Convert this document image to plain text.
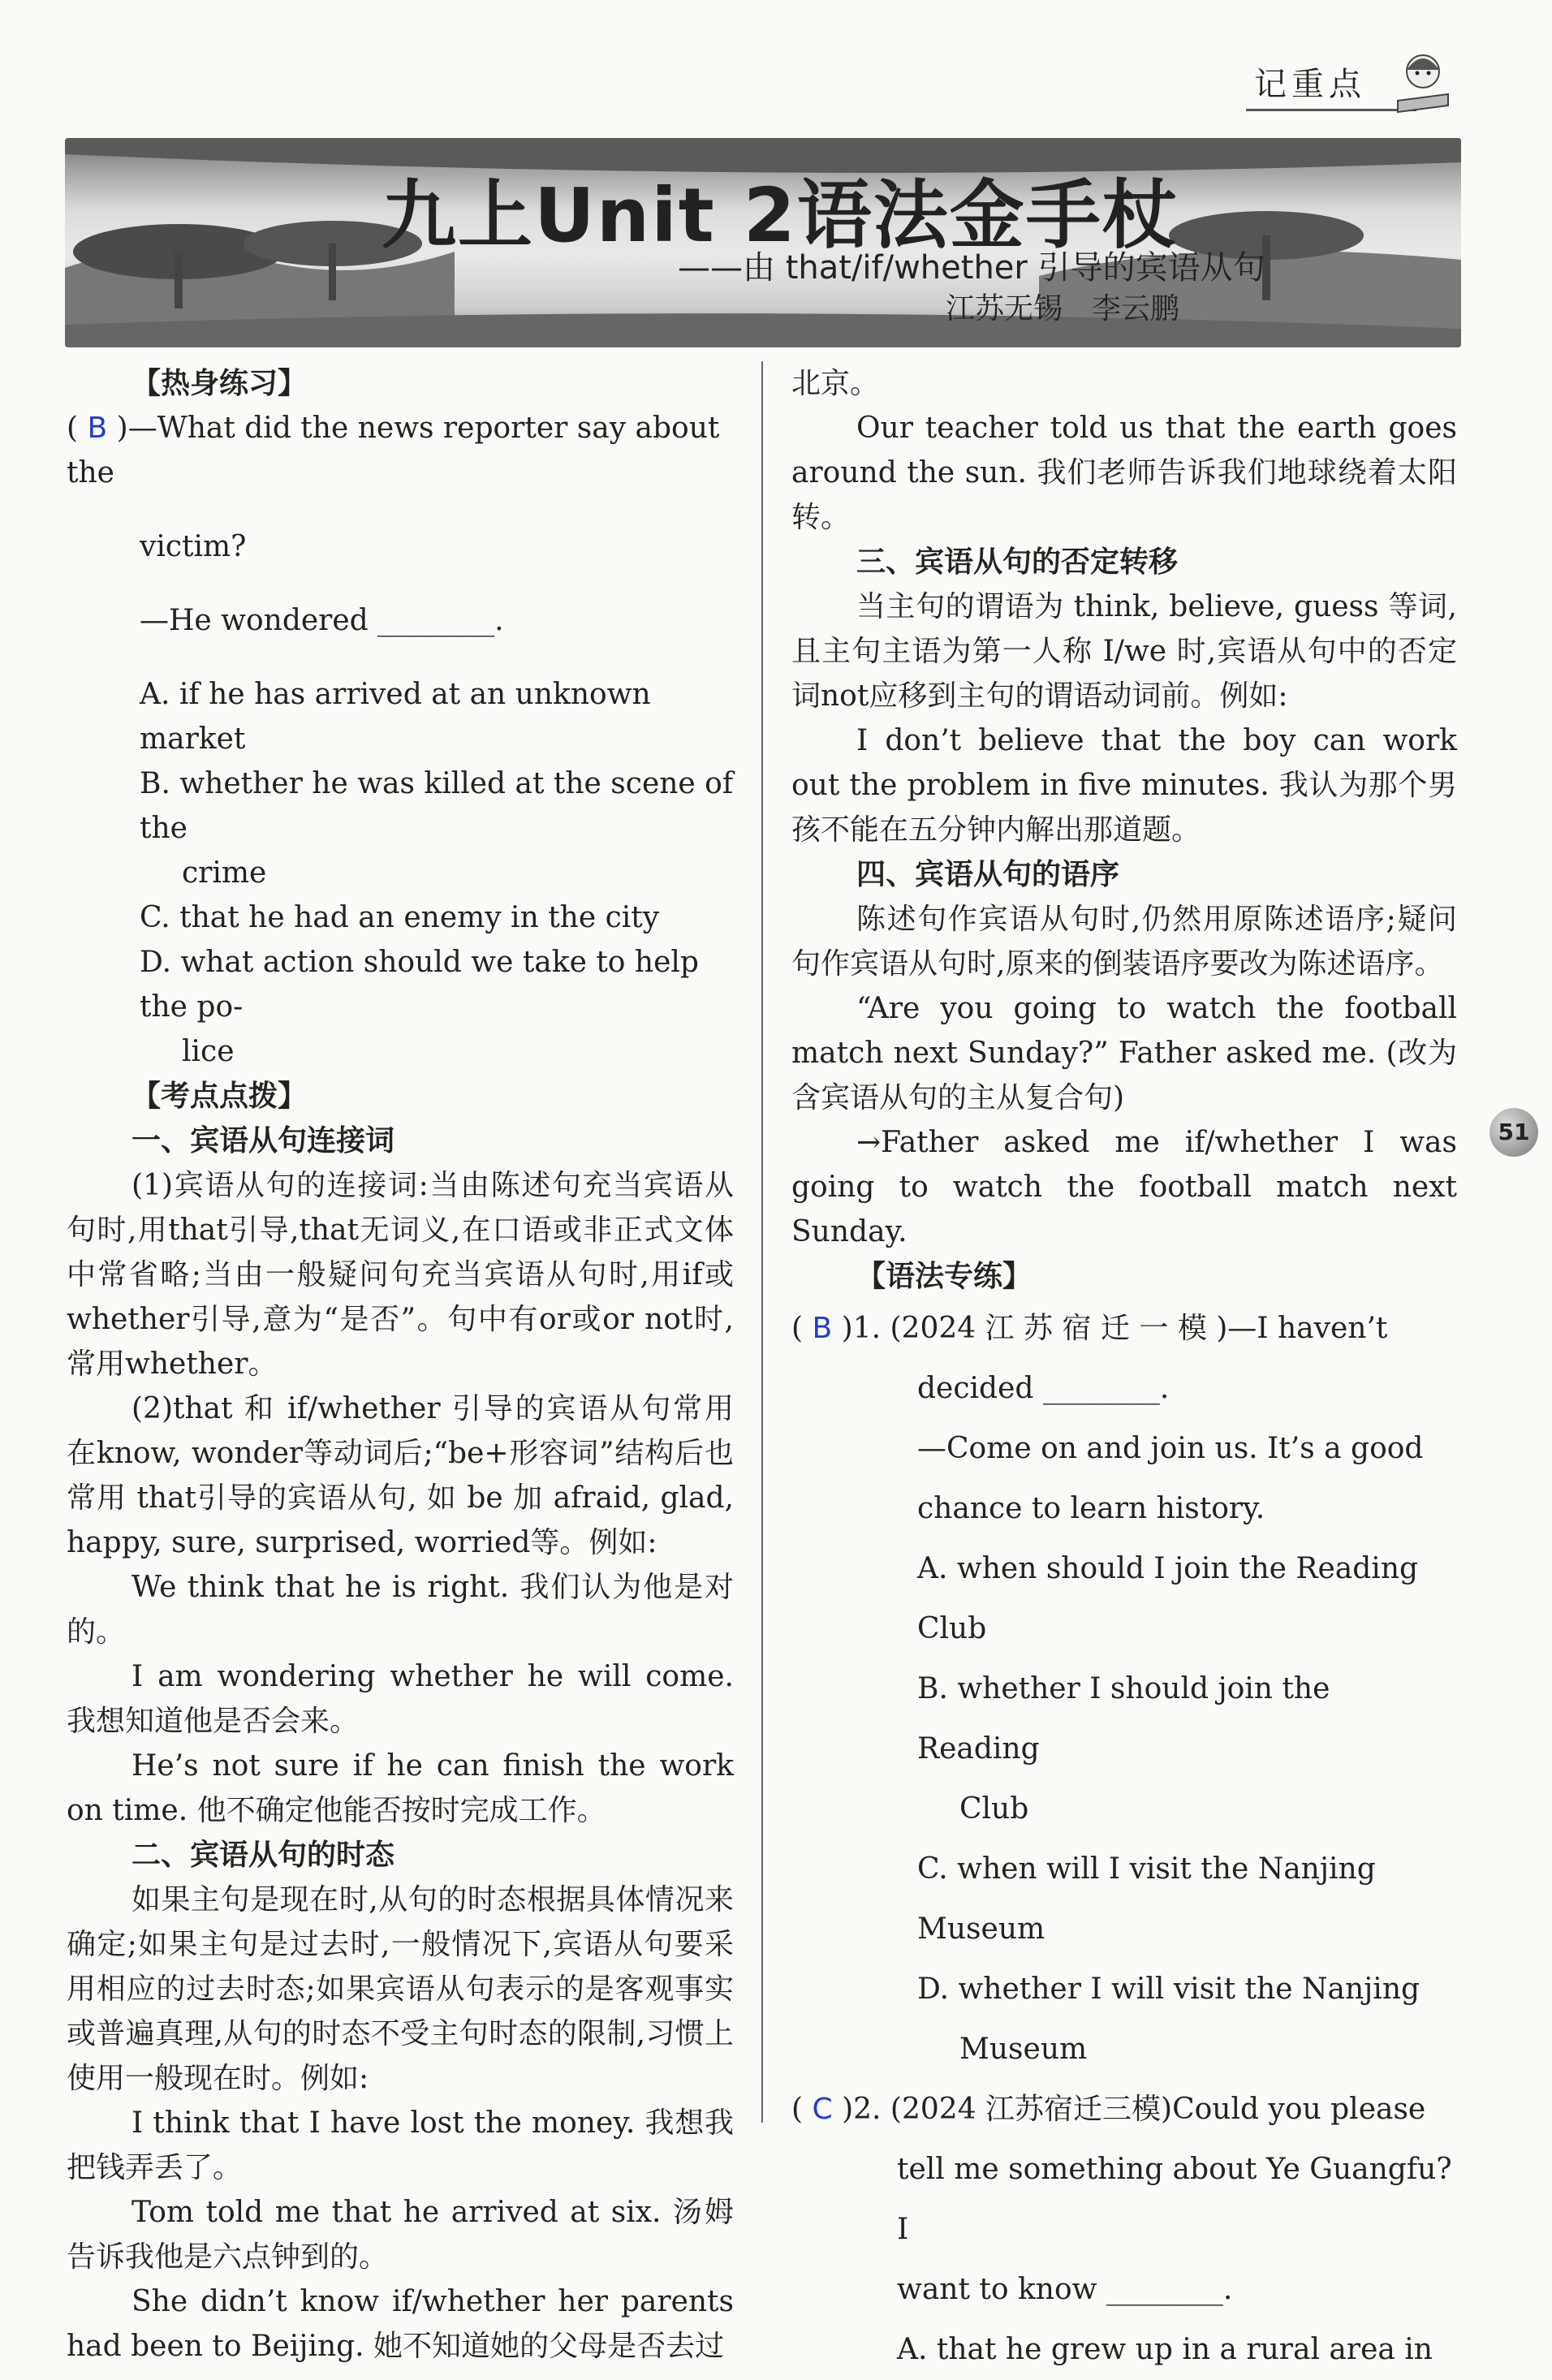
记重点
九上Unit 2语法金手杖
——由 that/if/whether 引导的宾语从句
江苏无锡　李云鹏

【热身练习】

( B )—What did the news reporter say about the

victim?

—He wondered ________.

A. if he has arrived at an unknown market

B. whether he was killed at the scene of the

crime

C. that he had an enemy in the city

D. what action should we take to help the po-

lice

【考点点拨】

一、宾语从句连接词

(1)宾语从句的连接词:当由陈述句充当宾语从句时,用that引导,that无词义,在口语或非正式文体中常省略;当由一般疑问句充当宾语从句时,用if或whether引导,意为“是否”。句中有or或or not时,常用whether。

(2)that 和 if/whether 引导的宾语从句常用在know, wonder等动词后;“be+形容词”结构后也常用 that引导的宾语从句, 如 be 加 afraid, glad, happy, sure, surprised, worried等。例如:

We think that he is right. 我们认为他是对的。

I am wondering whether he will come. 我想知道他是否会来。

He’s not sure if he can finish the work on time. 他不确定他能否按时完成工作。

二、宾语从句的时态

如果主句是现在时,从句的时态根据具体情况来确定;如果主句是过去时,一般情况下,宾语从句要采用相应的过去时态;如果宾语从句表示的是客观事实或普遍真理,从句的时态不受主句时态的限制,习惯上使用一般现在时。例如:

I think that I have lost the money. 我想我把钱弄丢了。

Tom told me that he arrived at six. 汤姆告诉我他是六点钟到的。

She didn’t know if/whether her parents had been to Beijing. 她不知道她的父母是否去过

北京。

Our teacher told us that the earth goes around the sun. 我们老师告诉我们地球绕着太阳转。

三、宾语从句的否定转移

当主句的谓语为 think, believe, guess 等词,且主句主语为第一人称 I/we 时,宾语从句中的否定词not应移到主句的谓语动词前。例如:

I don’t believe that the boy can work out the problem in five minutes. 我认为那个男孩不能在五分钟内解出那道题。

四、宾语从句的语序

陈述句作宾语从句时,仍然用原陈述语序;疑问句作宾语从句时,原来的倒装语序要改为陈述语序。

“Are you going to watch the football match next Sunday?” Father asked me. (改为含宾语从句的主从复合句)

→Father asked me if/whether I was going to watch the football match next Sunday.

【语法专练】

( B )1. (2024 江 苏 宿 迁 一 模 )—I haven’t

decided ________.

—Come on and join us. It’s a good

chance to learn history.

A. when should I join the Reading Club

B. whether I should join the Reading

Club

C. when will I visit the Nanjing Museum

D. whether I will visit the Nanjing

Museum

( C )2. (2024 江苏宿迁三模)Could you please

tell me something about Ye Guangfu? I

want to know ________.

A. that he grew up in a rural area in

51
